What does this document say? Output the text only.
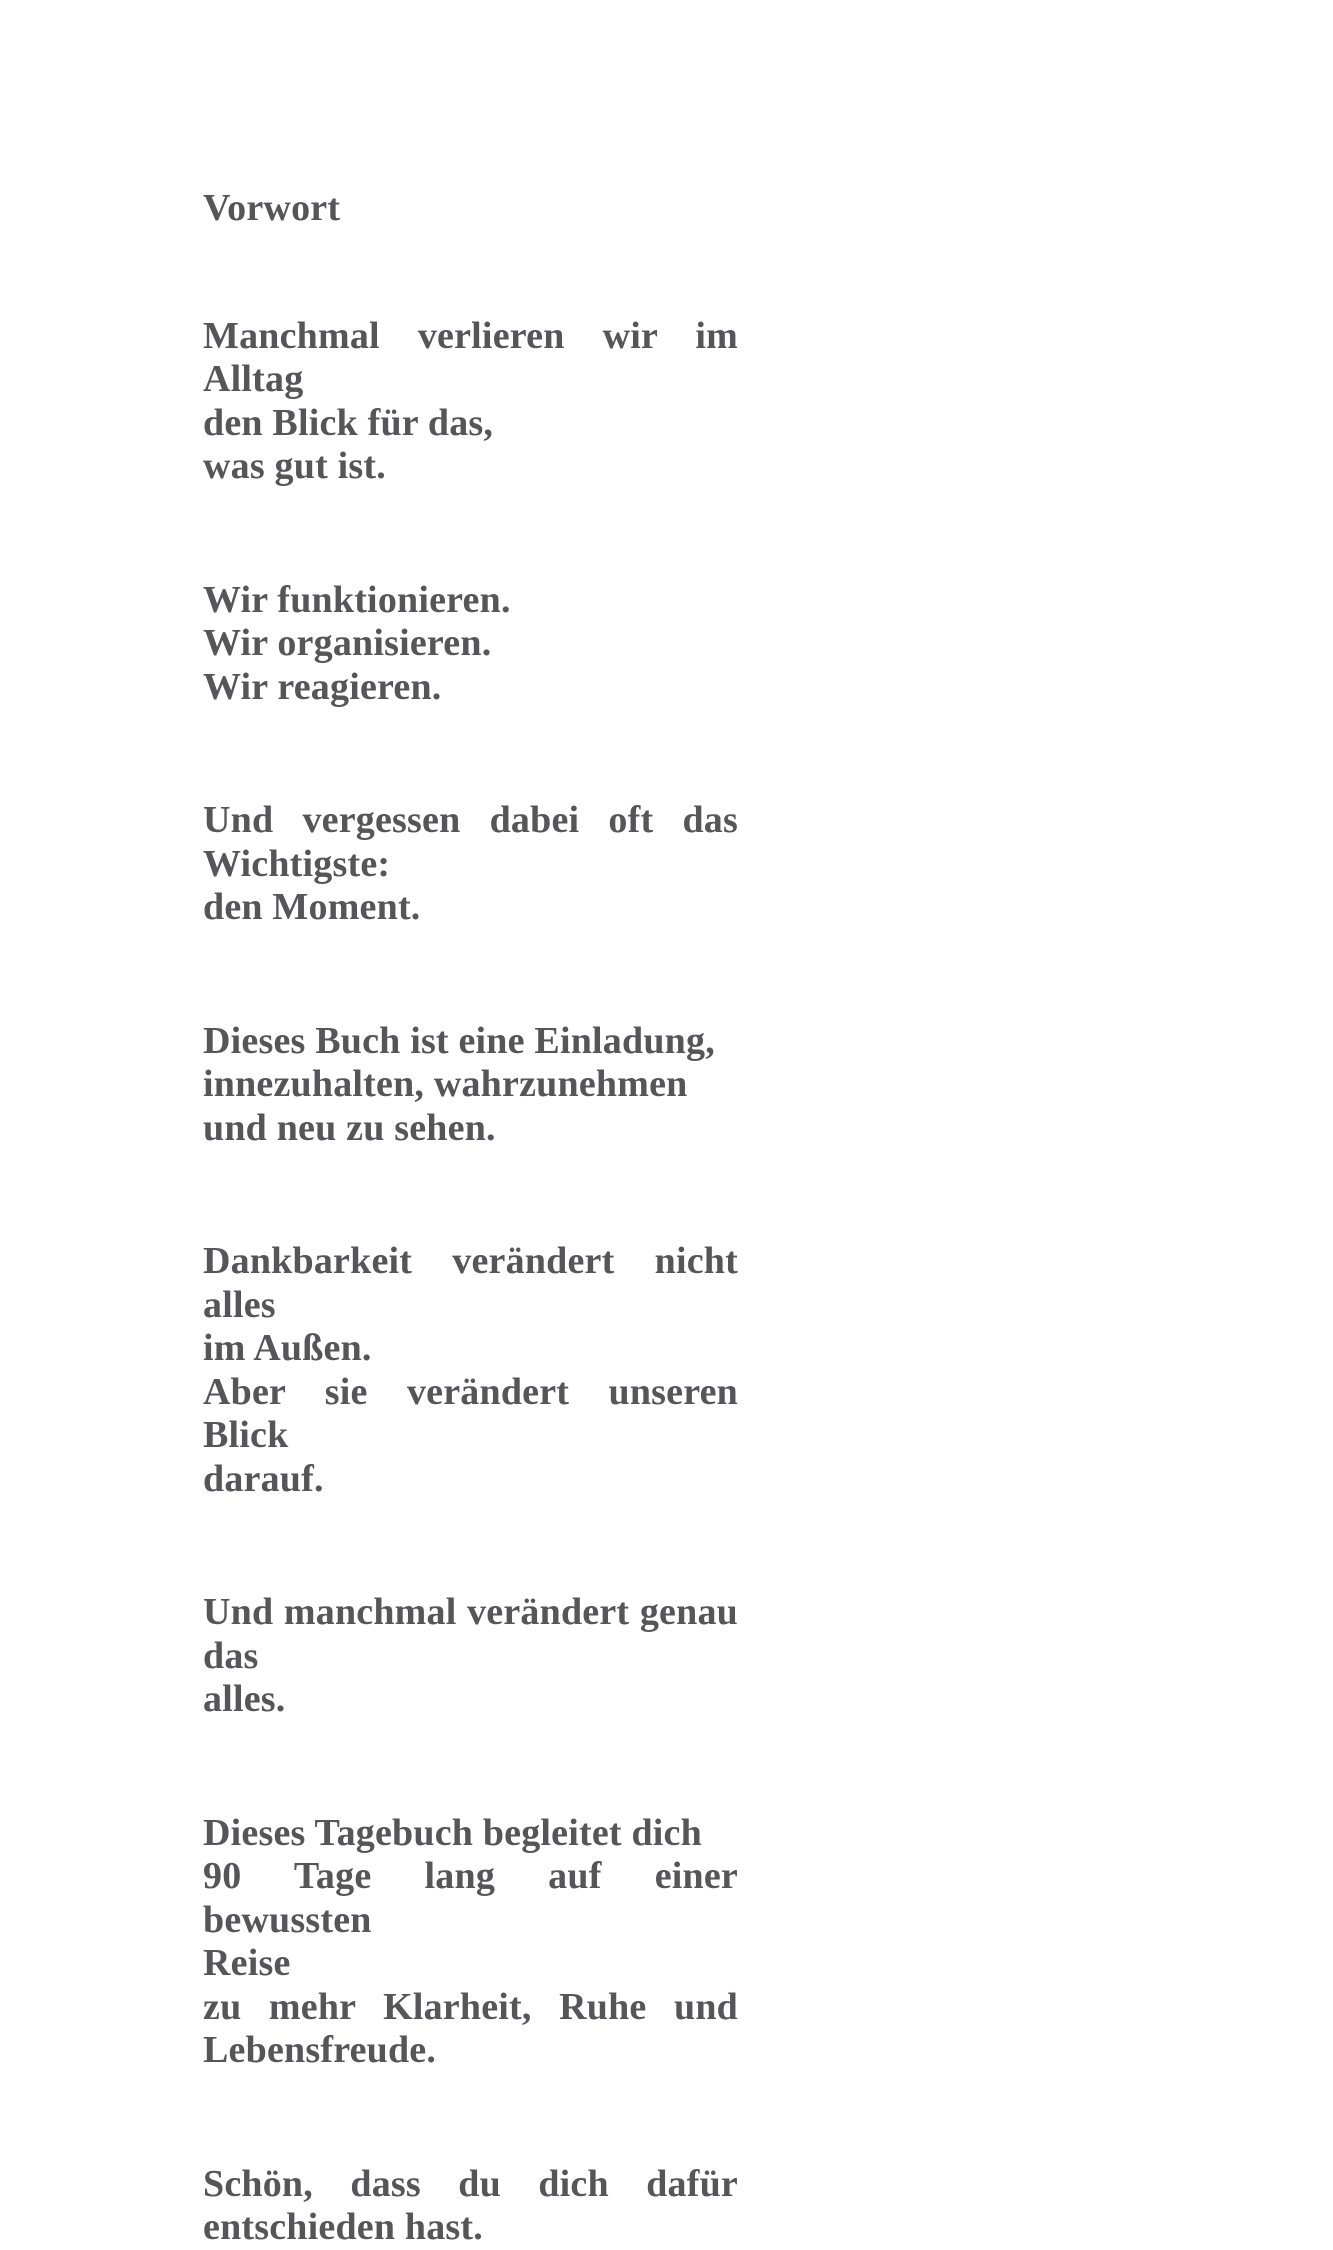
Vorwort
Manchmal verlieren wir im Alltag
den Blick für das,
was gut ist.
Wir funktionieren.
Wir organisieren.
Wir reagieren.
Und vergessen dabei oft das
Wichtigste:
den Moment.
Dieses Buch ist eine Einladung,
innezuhalten, wahrzunehmen
und neu zu sehen.
Dankbarkeit verändert nicht alles
im Außen.
Aber sie verändert unseren Blick
darauf.
Und manchmal verändert genau das
alles.
Dieses Tagebuch begleitet dich
90 Tage lang auf einer bewussten
Reise
zu mehr Klarheit, Ruhe und
Lebensfreude.
Schön, dass du dich dafür
entschieden hast.
